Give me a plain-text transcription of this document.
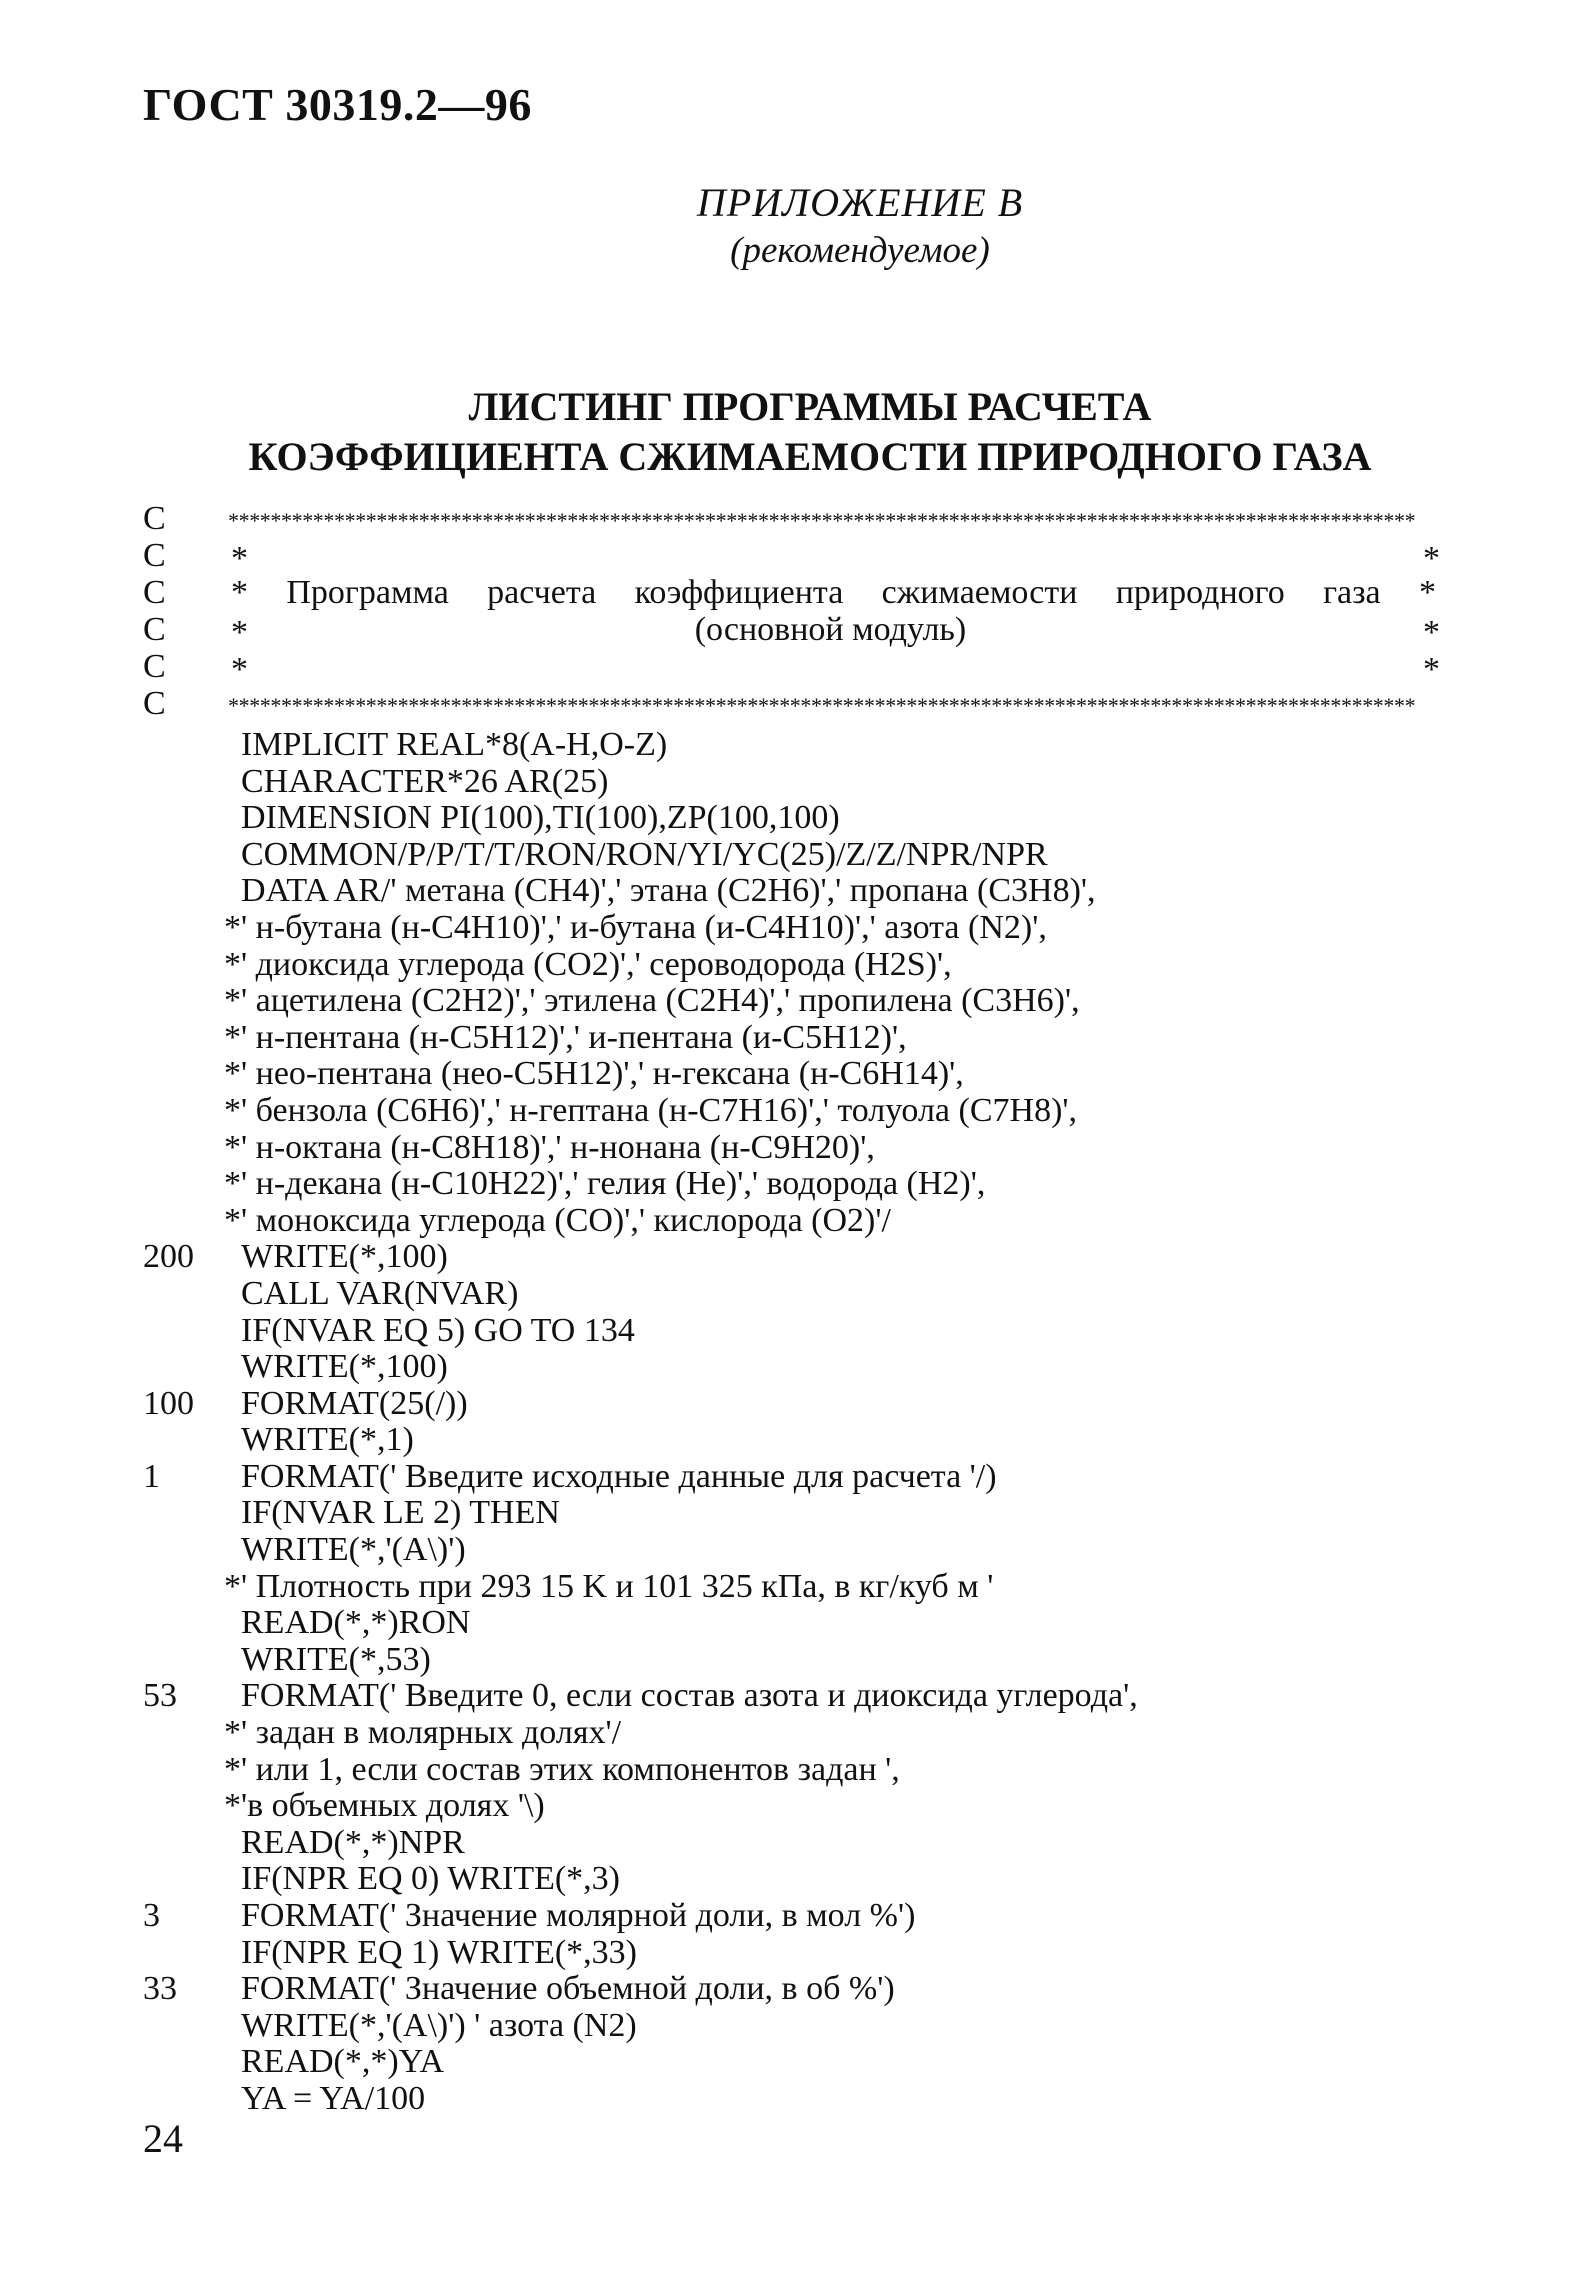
ГОСТ 30319.2—96
ПРИЛОЖЕНИЕ В
(рекомендуемое)
ЛИСТИНГ ПРОГРАММЫ РАСЧЕТА
КОЭФФИЦИЕНТА СЖИМАЕМОСТИ ПРИРОДНОГО ГАЗА
C	****************************************************************************************************************
C	*	*
C	* Программа расчета коэффициента сжимаемости природного газа *
C	*	(основной модуль)	*
C	*	*
C	****************************************************************************************************************
IMPLICIT REAL*8(A-H,O-Z)
CHARACTER*26 AR(25)
DIMENSION PI(100),TI(100),ZP(100,100)
COMMON/P/P/T/T/RON/RON/YI/YC(25)/Z/Z/NPR/NPR
DATA AR/' метана (CH4)',' этана (C2H6)',' пропана (C3H8)',
*' н-бутана (н-C4H10)',' и-бутана (и-C4H10)',' азота (N2)',
*' диоксида углерода (CO2)',' сероводорода (H2S)',
*' ацетилена (C2H2)',' этилена (C2H4)',' пропилена (C3H6)',
*' н-пентана (н-C5H12)',' и-пентана (и-C5H12)',
*' нео-пентана (нео-C5H12)',' н-гексана (н-C6H14)',
*' бензола (C6H6)',' н-гептана (н-C7H16)',' толуола (C7H8)',
*' н-октана (н-C8H18)',' н-нонана (н-C9H20)',
*' н-декана (н-C10H22)',' гелия (He)',' водорода (H2)',
*' моноксида углерода (CO)',' кислорода (O2)'/
200 WRITE(*,100)
CALL VAR(NVAR)
IF(NVAR EQ 5) GO TO 134
WRITE(*,100)
100 FORMAT(25(/))
WRITE(*,1)
1 FORMAT(' Введите исходные данные для расчета '/)
IF(NVAR LE 2) THEN
WRITE(*,'(A\)')
*' Плотность при 293 15 K и 101 325 кПа, в кг/куб м '
READ(*,*)RON
WRITE(*,53)
53 FORMAT(' Введите 0, если состав азота и диоксида углерода',
*' задан в молярных долях'/
*' или 1, если состав этих компонентов задан ',
*'в объемных долях '\)
READ(*,*)NPR
IF(NPR EQ 0) WRITE(*,3)
3 FORMAT(' Значение молярной доли, в мол %')
IF(NPR EQ 1) WRITE(*,33)
33 FORMAT(' Значение объемной доли, в об %')
WRITE(*,'(A\)') ' азота (N2)
READ(*,*)YA
YA = YA/100
24
